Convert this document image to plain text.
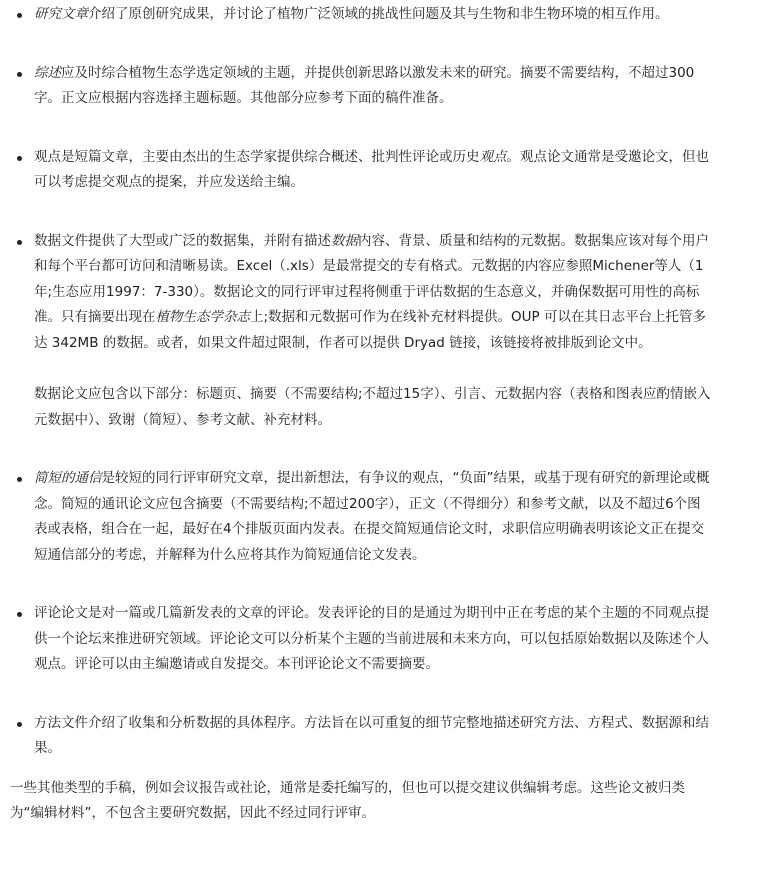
研究文章介绍了原创研究成果，并讨论了植物广泛领域的挑战性问题及其与生物和非生物环境的相互作用。
综述应及时综合植物生态学选定领域的主题，并提供创新思路以激发未来的研究。摘要不需要结构，不超过300字。正文应根据内容选择主题标题。其他部分应参考下面的稿件准备。
观点是短篇文章，主要由杰出的生态学家提供综合概述、批判性评论或历史观点。观点论文通常是受邀论文，但也可以考虑提交观点的提案，并应发送给主编。
数据文件提供了大型或广泛的数据集，并附有描述数据内容、背景、质量和结构的元数据。数据集应该对每个用户和每个平台都可访问和清晰易读。Excel（.xls）是最常提交的专有格式。元数据的内容应参照Michener等人（1年;生态应用1997：7-330）。数据论文的同行评审过程将侧重于评估数据的生态意义，并确保数据可用性的高标准。只有摘要出现在植物生态学杂志上;数据和元数据可作为在线补充材料提供。OUP 可以在其日志平台上托管多达 342MB 的数据。或者，如果文件超过限制，作者可以提供 Dryad 链接，该链接将被排版到论文中。

数据论文应包含以下部分：标题页、摘要（不需要结构;不超过15字）、引言、元数据内容（表格和图表应酌情嵌入元数据中）、致谢（简短）、参考文献、补充材料。

简短的通信是较短的同行评审研究文章，提出新想法，有争议的观点，“负面”结果，或基于现有研究的新理论或概念。简短的通讯论文应包含摘要（不需要结构;不超过200字），正文（不得细分）和参考文献，以及不超过6个图表或表格，组合在一起，最好在4个排版页面内发表。在提交简短通信论文时，求职信应明确表明该论文正在提交短通信部分的考虑，并解释为什么应将其作为简短通信论文发表。
评论论文是对一篇或几篇新发表的文章的评论。发表评论的目的是通过为期刊中正在考虑的某个主题的不同观点提供一个论坛来推进研究领域。评论论文可以分析某个主题的当前进展和未来方向，可以包括原始数据以及陈述个人观点。评论可以由主编邀请或自发提交。本刊评论论文不需要摘要。
方法文件介绍了收集和分析数据的具体程序。方法旨在以可重复的细节完整地描述研究方法、方程式、数据源和结果。
一些其他类型的手稿，例如会议报告或社论，通常是委托编写的，但也可以提交建议供编辑考虑。这些论文被归类为“编辑材料”，不包含主要研究数据，因此不经过同行评审。
